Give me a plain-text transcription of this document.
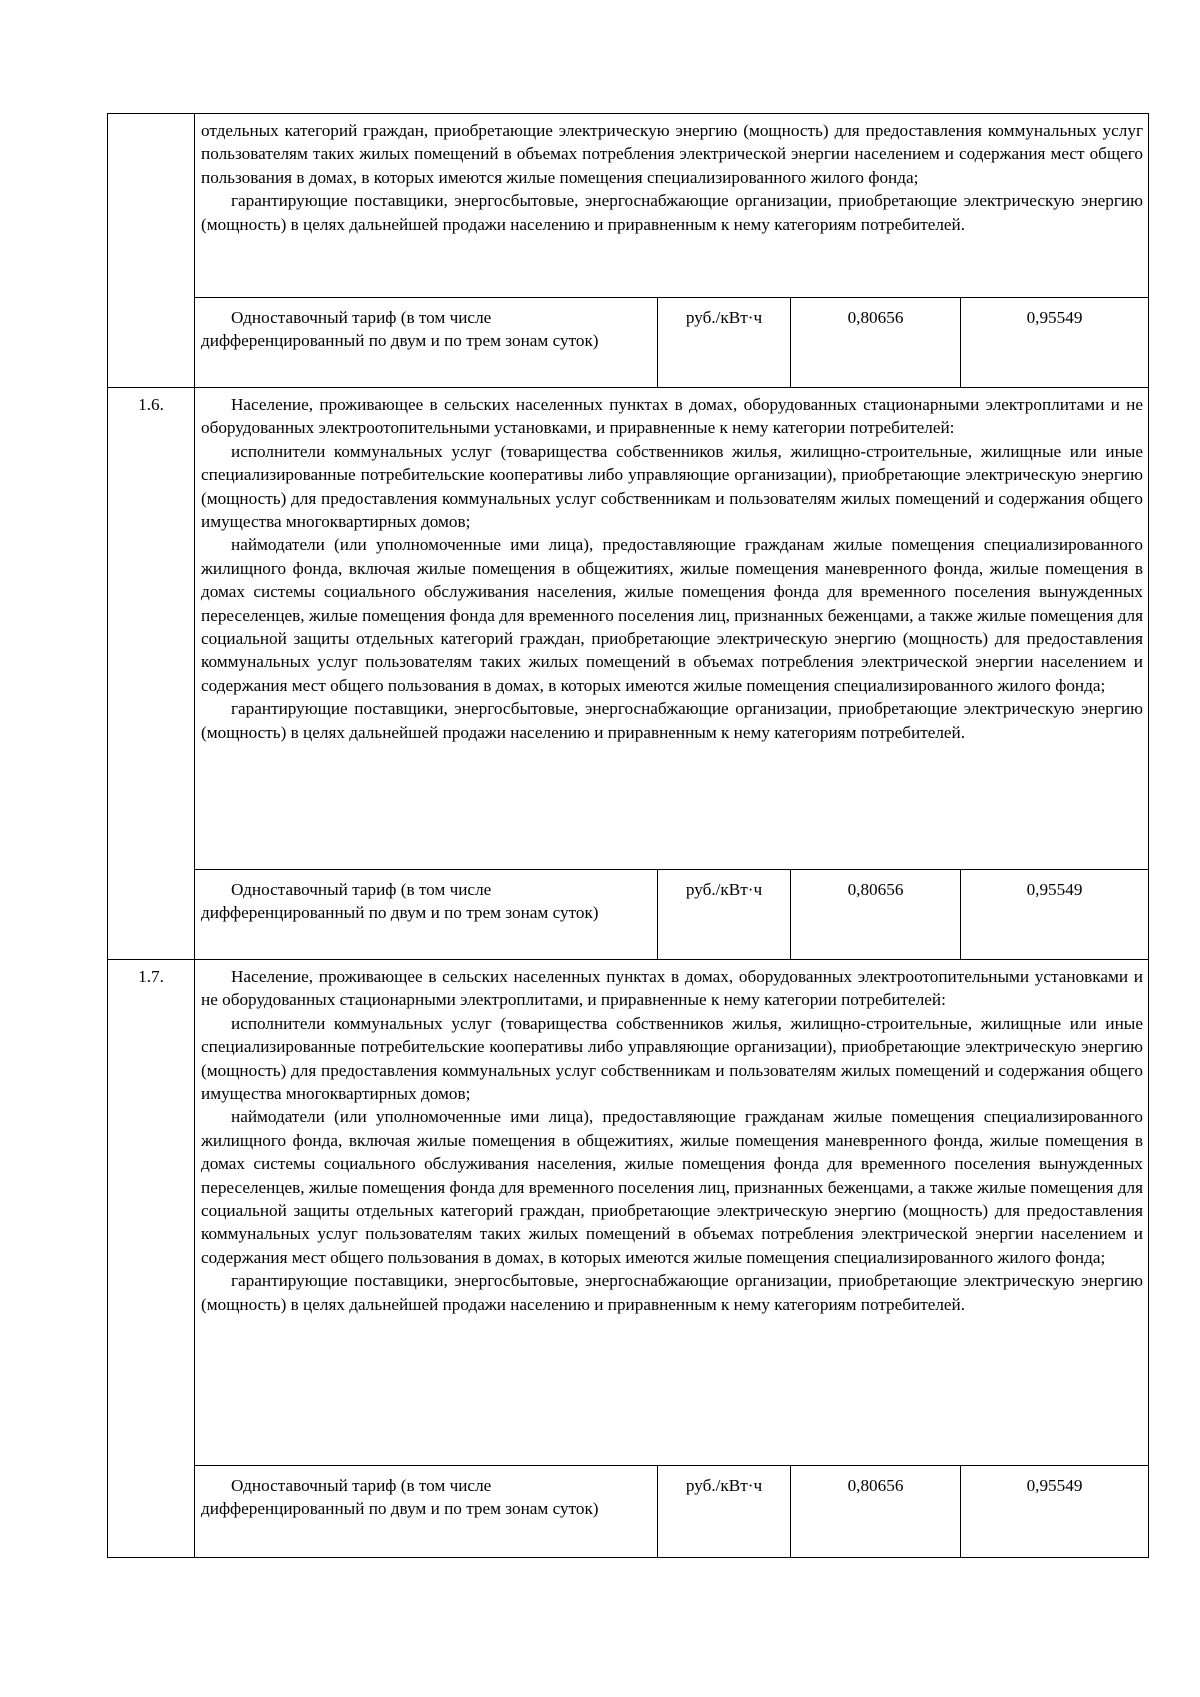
	отдельных категорий граждан, приобретающие электрическую энергию (мощность) для предоставления коммунальных услуг пользователям таких жилых помещений в объемах потребления электрической энергии населением и содержания мест общего пользования в домах, в которых имеются жилые помещения специализированного жилого фонда;

гарантирующие поставщики, энергосбытовые, энергоснабжающие организации, приобретающие электрическую энергию (мощность) в целях дальнейшей продажи населению и приравненным к нему категориям потребителей.			

	Одноставочный тариф (в том числе дифференцированный по двум и по трем зонам суток)	руб./кВт·ч	0,80656	0,95549
1.6.	Население, проживающее в сельских населенных пунктах в домах, оборудованных стационарными электроплитами и не оборудованных электроотопительными установками, и приравненные к нему категории потребителей:

исполнители коммунальных услуг (товарищества собственников жилья, жилищно-строительные, жилищные или иные специализированные потребительские кооперативы либо управляющие организации), приобретающие электрическую энергию (мощность) для предоставления коммунальных услуг собственникам и пользователям жилых помещений и содержания общего имущества многоквартирных домов;

наймодатели (или уполномоченные ими лица), предоставляющие гражданам жилые помещения специализированного жилищного фонда, включая жилые помещения в общежитиях, жилые помещения маневренного фонда, жилые помещения в домах системы социального обслуживания населения, жилые помещения фонда для временного поселения вынужденных переселенцев, жилые помещения фонда для временного поселения лиц, признанных беженцами, а также жилые помещения для социальной защиты отдельных категорий граждан, приобретающие электрическую энергию (мощность) для предоставления коммунальных услуг пользователям таких жилых помещений в объемах потребления электрической энергии населением и содержания мест общего пользования в домах, в которых имеются жилые помещения специализированного жилого фонда;

гарантирующие поставщики, энергосбытовые, энергоснабжающие организации, приобретающие электрическую энергию (мощность) в целях дальнейшей продажи населению и приравненным к нему категориям потребителей.			

	Одноставочный тариф (в том числе дифференцированный по двум и по трем зонам суток)	руб./кВт·ч	0,80656	0,95549
1.7.	Население, проживающее в сельских населенных пунктах в домах, оборудованных электроотопительными установками и не оборудованных стационарными электроплитами, и приравненные к нему категории потребителей:

исполнители коммунальных услуг (товарищества собственников жилья, жилищно-строительные, жилищные или иные специализированные потребительские кооперативы либо управляющие организации), приобретающие электрическую энергию (мощность) для предоставления коммунальных услуг собственникам и пользователям жилых помещений и содержания общего имущества многоквартирных домов;

наймодатели (или уполномоченные ими лица), предоставляющие гражданам жилые помещения специализированного жилищного фонда, включая жилые помещения в общежитиях, жилые помещения маневренного фонда, жилые помещения в домах системы социального обслуживания населения, жилые помещения фонда для временного поселения вынужденных переселенцев, жилые помещения фонда для временного поселения лиц, признанных беженцами, а также жилые помещения для социальной защиты отдельных категорий граждан, приобретающие электрическую энергию (мощность) для предоставления коммунальных услуг пользователям таких жилых помещений в объемах потребления электрической энергии населением и содержания мест общего пользования в домах, в которых имеются жилые помещения специализированного жилого фонда;

гарантирующие поставщики, энергосбытовые, энергоснабжающие организации, приобретающие электрическую энергию (мощность) в целях дальнейшей продажи населению и приравненным к нему категориям потребителей.			

	Одноставочный тариф (в том числе дифференцированный по двум и по трем зонам суток)	руб./кВт·ч	0,80656	0,95549
